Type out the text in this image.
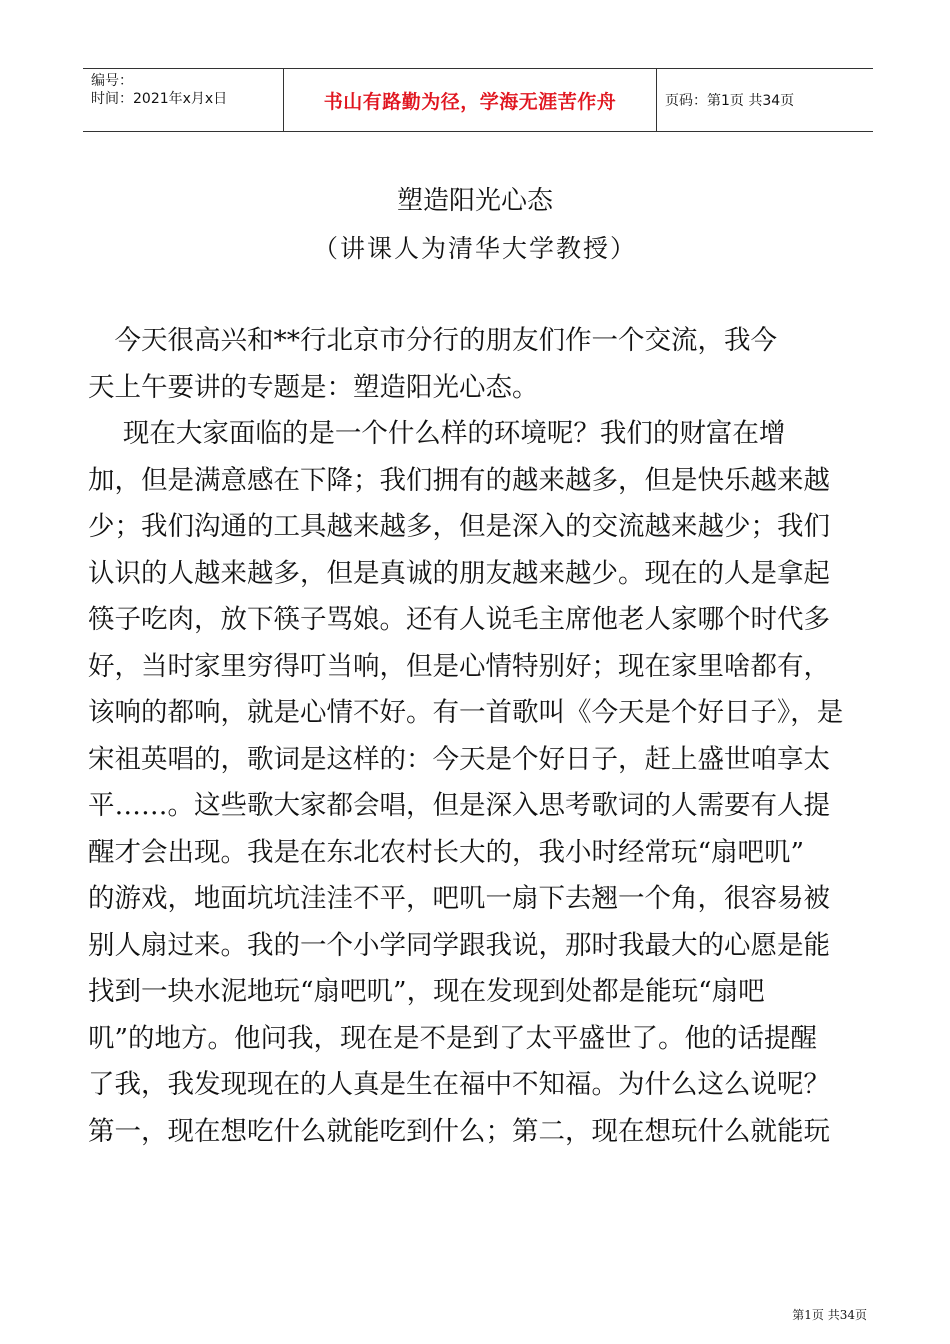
编号：
时间：2021年x月x日	书山有路勤为径，学海无涯苦作舟	页码：第1页 共34页
塑造阳光心态
（讲课人为清华大学教授）
　今天很高兴和**行北京市分行的朋友们作一个交流，我今
天上午要讲的专题是：塑造阳光心态。
　 现在大家面临的是一个什么样的环境呢？我们的财富在增
加，但是满意感在下降；我们拥有的越来越多，但是快乐越来越
少；我们沟通的工具越来越多，但是深入的交流越来越少；我们
认识的人越来越多，但是真诚的朋友越来越少。现在的人是拿起
筷子吃肉，放下筷子骂娘。还有人说毛主席他老人家哪个时代多
好，当时家里穷得叮当响，但是心情特别好；现在家里啥都有，
该响的都响，就是心情不好。有一首歌叫《今天是个好日子》，是
宋祖英唱的，歌词是这样的：今天是个好日子，赶上盛世咱享太
平……。这些歌大家都会唱，但是深入思考歌词的人需要有人提
醒才会出现。我是在东北农村长大的，我小时经常玩“扇吧叽”
的游戏，地面坑坑洼洼不平，吧叽一扇下去翘一个角，很容易被
别人扇过来。我的一个小学同学跟我说，那时我最大的心愿是能
找到一块水泥地玩“扇吧叽”，现在发现到处都是能玩“扇吧
叽”的地方。他问我，现在是不是到了太平盛世了。他的话提醒
了我，我发现现在的人真是生在福中不知福。为什么这么说呢？
第一，现在想吃什么就能吃到什么；第二，现在想玩什么就能玩
第1页 共34页
